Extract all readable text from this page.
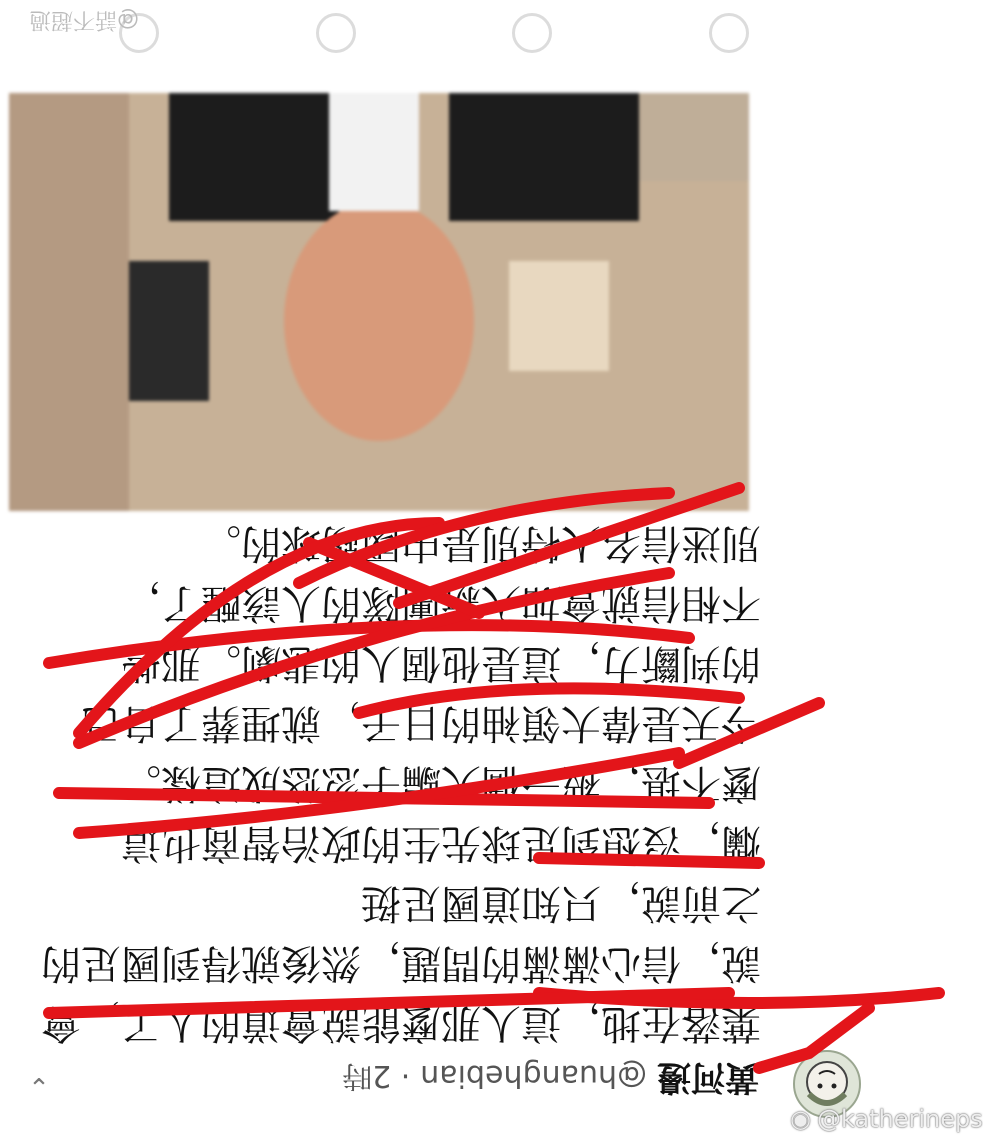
黃河邊
@huanghebian
· 2時
⌄
葉落在地，這人那麼能說會道的人了，會
說，信心滿滿的問題，然後就得到國足的
之前說，只知道國足挺
爛，沒想到足球先生的政治智商也這
麼不堪，被一個大騙子忽悠成這樣。
今天是偉大領袖的日子，就埋葬了自己
的判斷力，這是他個人的悲劇。那些
不相信就會加入新團隊的人該醒了，
別迷信名人特別是中國踢球的。
@話不超過
◉ @katherineps
